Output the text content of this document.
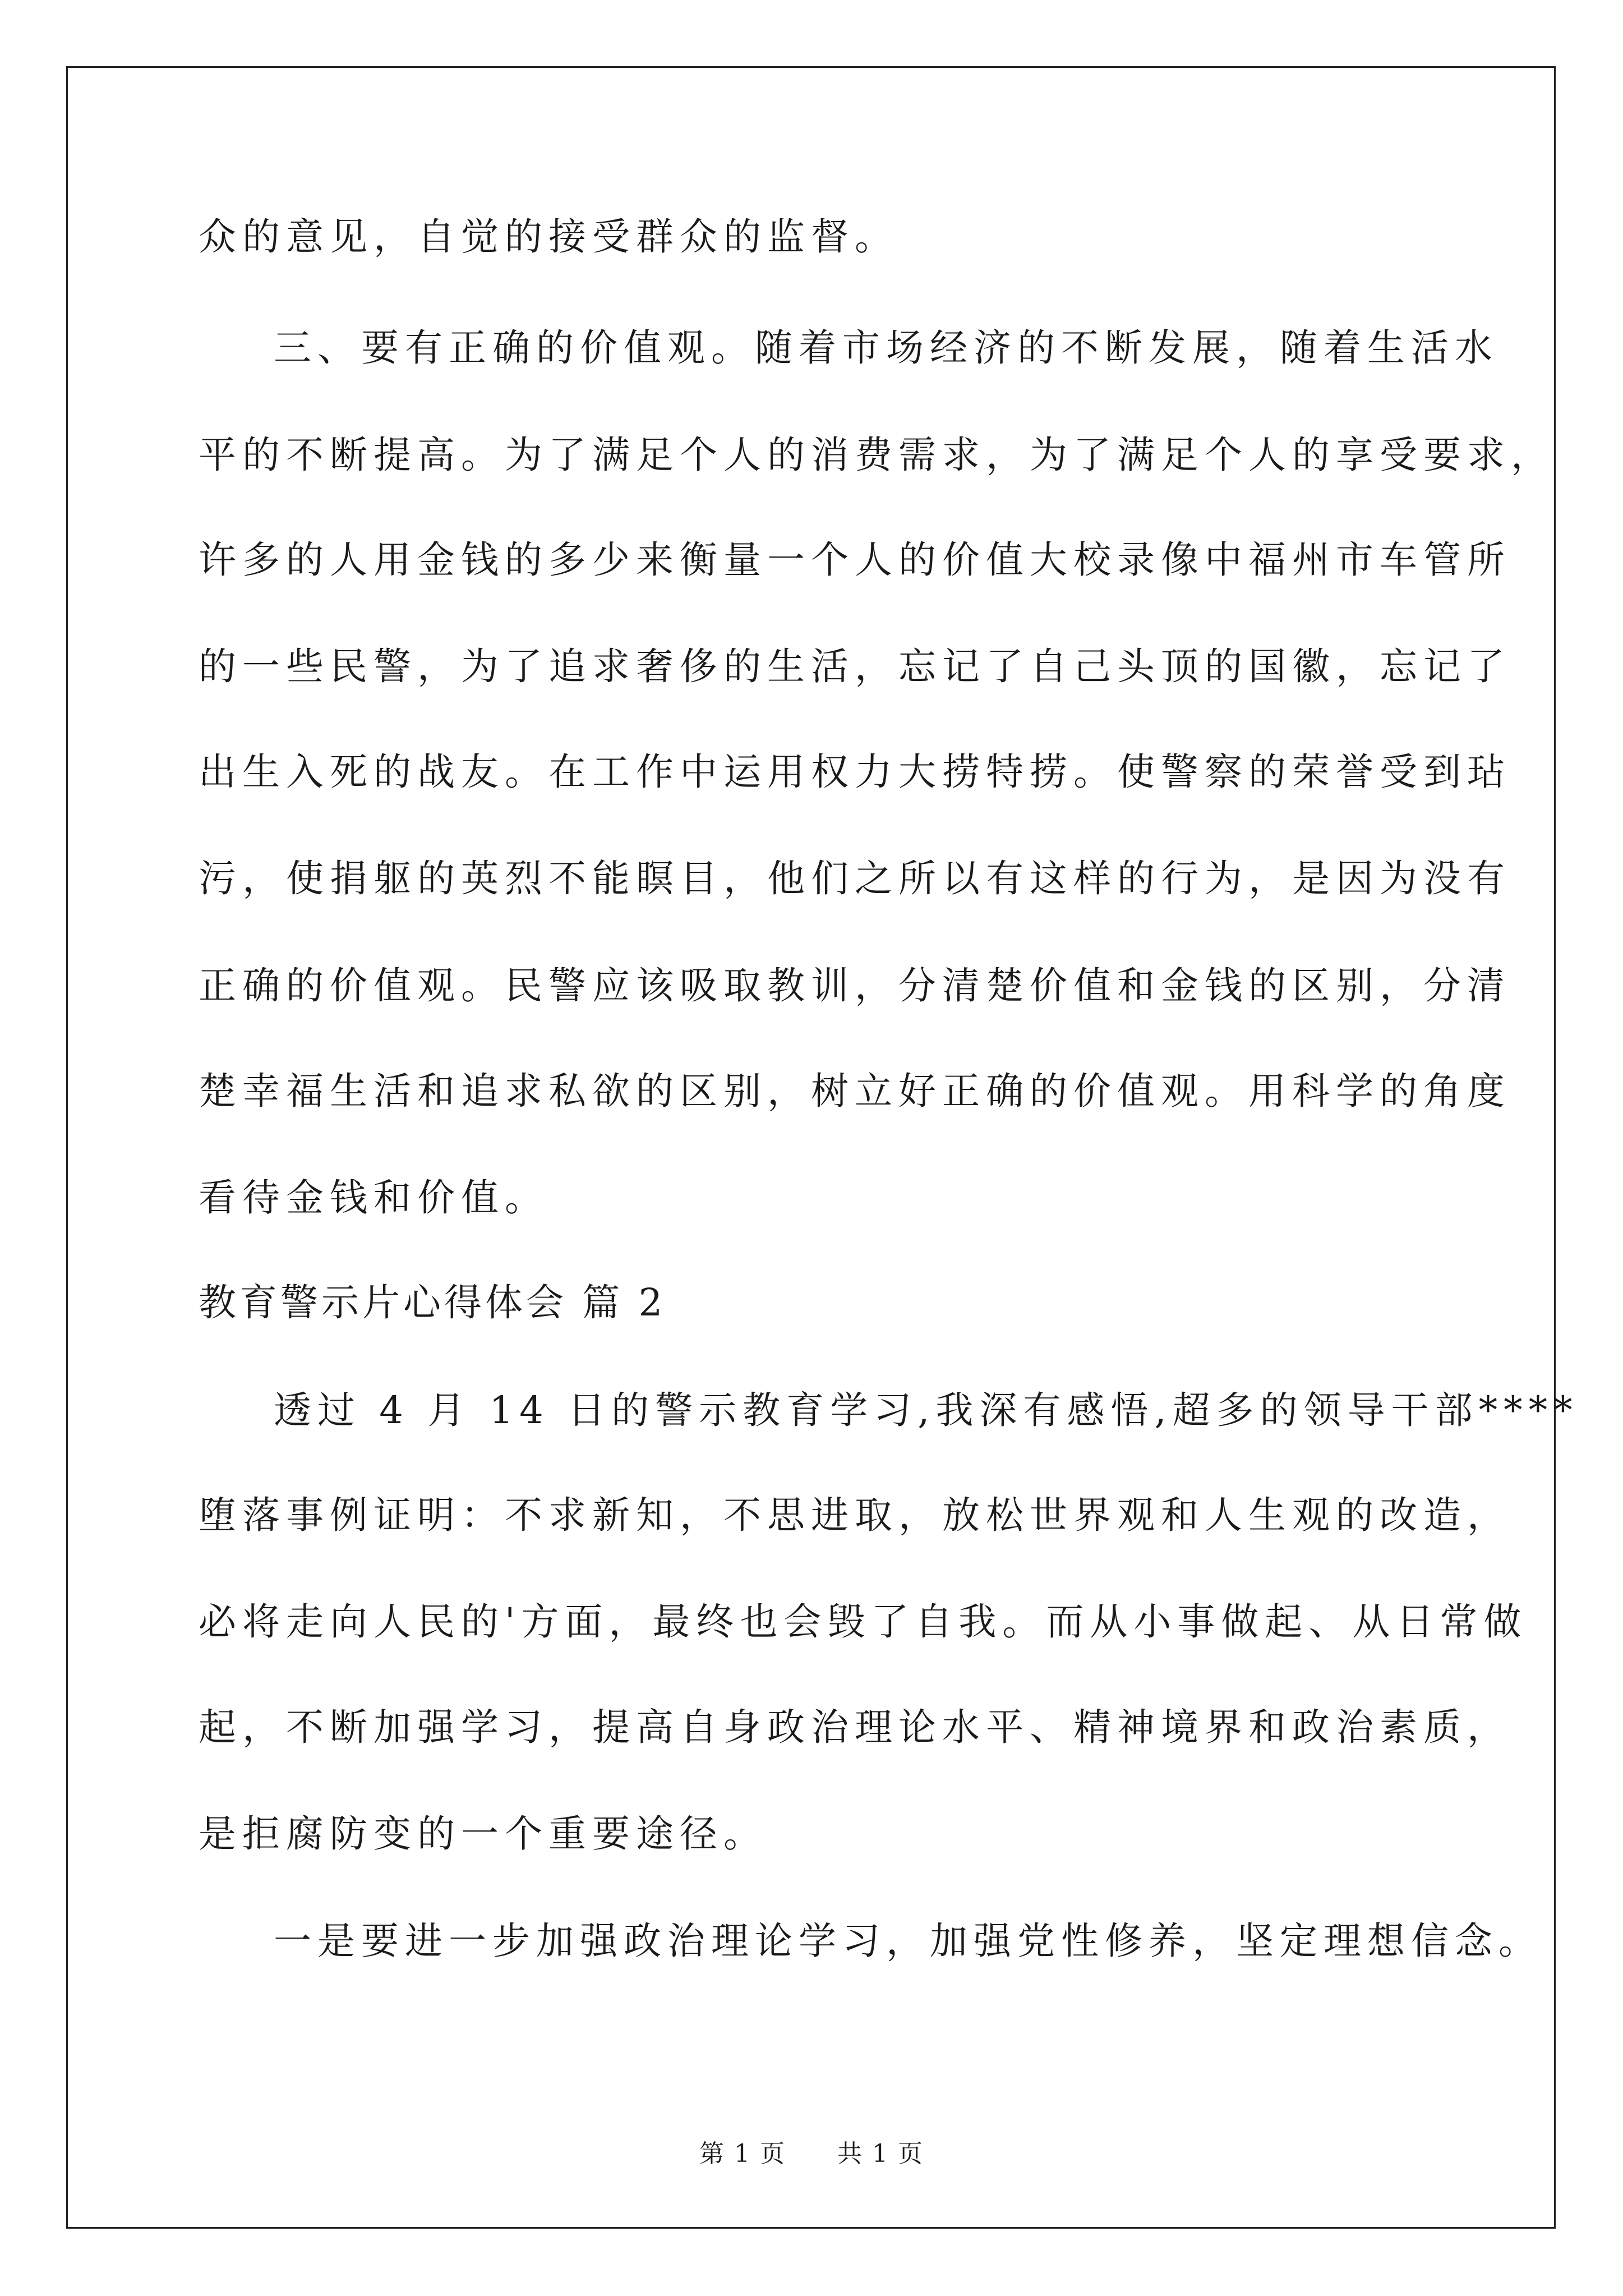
众的意见，自觉的接受群众的监督。
三、要有正确的价值观。随着市场经济的不断发展，随着生活水
平的不断提高。为了满足个人的消费需求，为了满足个人的享受要求，
许多的人用金钱的多少来衡量一个人的价值大校录像中福州市车管所
的一些民警，为了追求奢侈的生活，忘记了自己头顶的国徽，忘记了
出生入死的战友。在工作中运用权力大捞特捞。使警察的荣誉受到玷
污，使捐躯的英烈不能瞑目，他们之所以有这样的行为，是因为没有
正确的价值观。民警应该吸取教训，分清楚价值和金钱的区别，分清
楚幸福生活和追求私欲的区别，树立好正确的价值观。用科学的角度
看待金钱和价值。
教育警示片心得体会 篇 2
透过 4 月 14 日的警示教育学习,我深有感悟,超多的领导干部****
堕落事例证明：不求新知，不思进取，放松世界观和人生观的改造，
必将走向人民的'方面，最终也会毁了自我。而从小事做起、从日常做
起，不断加强学习，提高自身政治理论水平、精神境界和政治素质，
是拒腐防变的一个重要途径。
一是要进一步加强政治理论学习，加强党性修养，坚定理想信念。
第 1 页 共 1 页
